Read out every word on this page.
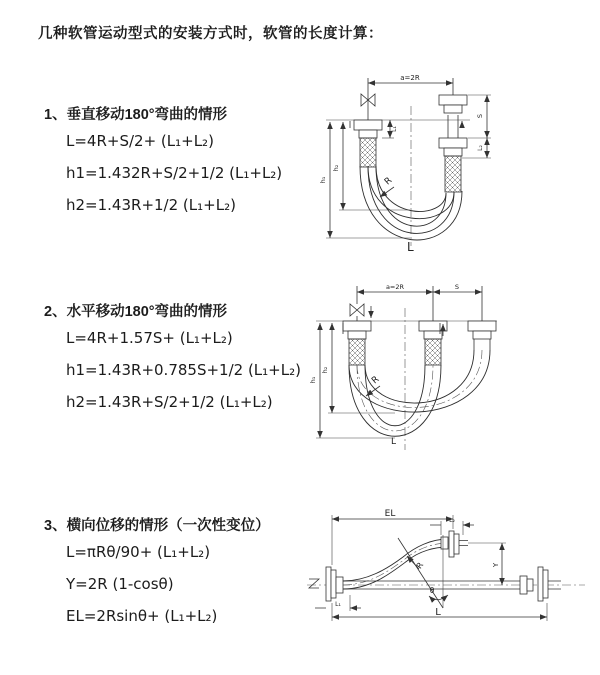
几种软管运动型式的安装方式时，软管的长度计算：
1、垂直移动180°弯曲的情形

L=4R+S/2+ (L₁+L₂)

h1=1.432R+S/2+1/2 (L₁+L₂)

h2=1.43R+1/2 (L₁+L₂)

2、水平移动180°弯曲的情形

L=4R+1.57S+ (L₁+L₂)

h1=1.43R+0.785S+1/2 (L₁+L₂)

h2=1.43R+S/2+1/2 (L₁+L₂)

3、横向位移的情形（一次性变位）

L=πRθ/90+ (L₁+L₂)

Y=2R (1-cosθ)

EL=2Rsinθ+ (L₁+L₂)

a=2R
h₁
h₂
L₁
S
L₂
R
L
a=2R	S
h₁
h₂
R
L
EL
L₂
Y
L
L₁
θ
R
